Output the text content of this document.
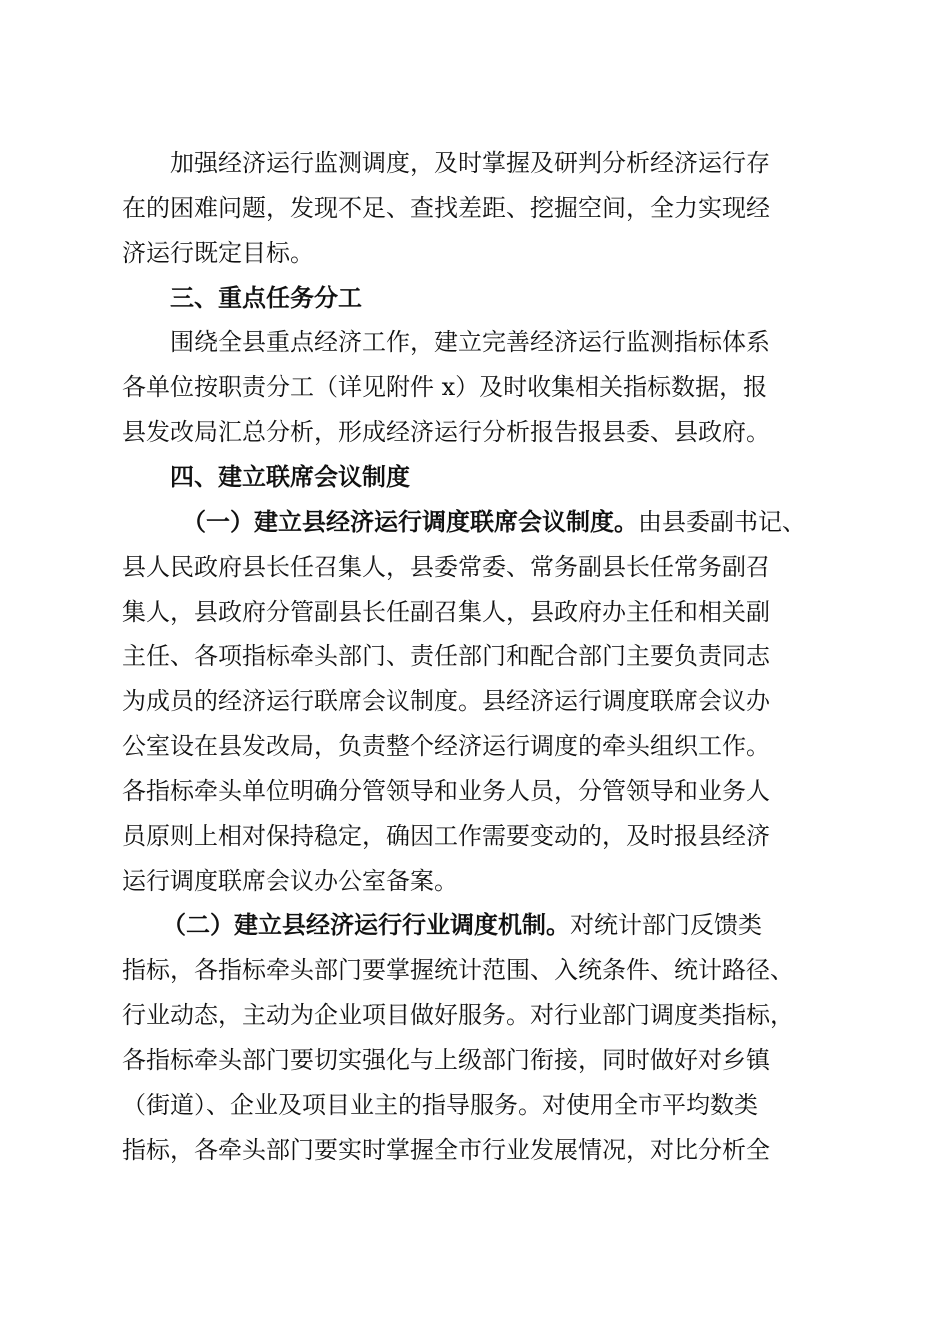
加强经济运行监测调度，及时掌握及研判分析经济运行存
在的困难问题，发现不足、查找差距、挖掘空间，全力实现经
济运行既定目标。
三、重点任务分工
围绕全县重点经济工作，建立完善经济运行监测指标体系
各单位按职责分工（详见附件 x）及时收集相关指标数据，报
县发改局汇总分析，形成经济运行分析报告报县委、县政府。
四、建立联席会议制度
（一）建立县经济运行调度联席会议制度。由县委副书记、
县人民政府县长任召集人，县委常委、常务副县长任常务副召
集人，县政府分管副县长任副召集人，县政府办主任和相关副
主任、各项指标牵头部门、责任部门和配合部门主要负责同志
为成员的经济运行联席会议制度。县经济运行调度联席会议办
公室设在县发改局，负责整个经济运行调度的牵头组织工作。
各指标牵头单位明确分管领导和业务人员，分管领导和业务人
员原则上相对保持稳定，确因工作需要变动的，及时报县经济
运行调度联席会议办公室备案。
（二）建立县经济运行行业调度机制。对统计部门反馈类
指标，各指标牵头部门要掌握统计范围、入统条件、统计路径、
行业动态，主动为企业项目做好服务。对行业部门调度类指标，
各指标牵头部门要切实强化与上级部门衔接，同时做好对乡镇
（街道）、企业及项目业主的指导服务。对使用全市平均数类
指标，各牵头部门要实时掌握全市行业发展情况，对比分析全
